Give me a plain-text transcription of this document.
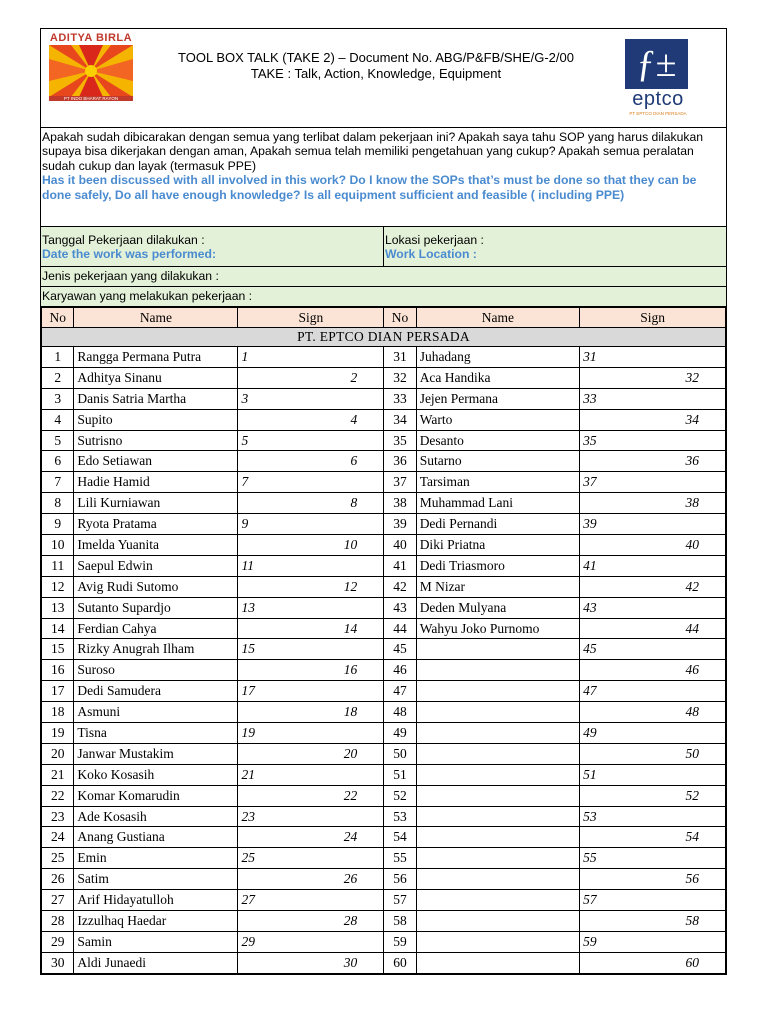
ADITYA BIRLA
PT INDO BHARAT RAYON
TOOL BOX TALK (TAKE 2) – Document No. ABG/P&FB/SHE/G-2/00
TAKE : Talk, Action, Knowledge, Equipment	ƒ±
eptco
PT EPTCO DIAN PERSADA
Apakah sudah dibicarakan dengan semua yang terlibat dalam pekerjaan ini? Apakah saya tahu SOP yang harus dilakukan supaya bisa dikerjakan dengan aman, Apakah semua telah memiliki pengetahuan yang cukup? Apakah semua peralatan sudah cukup dan layak (termasuk PPE)
Has it been discussed with all involved in this work? Do I know the SOPs that’s must be done so that they can be done safely, Do all have enough knowledge? Is all equipment sufficient and feasible ( including PPE)
Tanggal Pekerjaan dilakukan :
Date the work was performed:
Lokasi pekerjaan :
Work Location :
Jenis pekerjaan yang dilakukan :
Karyawan yang melakukan pekerjaan :
No	Name	Sign	No	Name	Sign
PT. EPTCO DIAN PERSADA					
1	Rangga Permana Putra	1	31	Juhadang	31
2	Adhitya Sinanu	2	32	Aca Handika	32
3	Danis Satria Martha	3	33	Jejen Permana	33
4	Supito	4	34	Warto	34
5	Sutrisno	5	35	Desanto	35
6	Edo Setiawan	6	36	Sutarno	36
7	Hadie Hamid	7	37	Tarsiman	37
8	Lili Kurniawan	8	38	Muhammad Lani	38
9	Ryota Pratama	9	39	Dedi Pernandi	39
10	Imelda Yuanita	10	40	Diki Priatna	40
11	Saepul Edwin	11	41	Dedi Triasmoro	41
12	Avig Rudi Sutomo	12	42	M Nizar	42
13	Sutanto Supardjo	13	43	Deden Mulyana	43
14	Ferdian Cahya	14	44	Wahyu Joko Purnomo	44
15	Rizky Anugrah Ilham	15	45		45
16	Suroso	16	46		46
17	Dedi Samudera	17	47		47
18	Asmuni	18	48		48
19	Tisna	19	49		49
20	Janwar Mustakim	20	50		50
21	Koko Kosasih	21	51		51
22	Komar Komarudin	22	52		52
23	Ade Kosasih	23	53		53
24	Anang Gustiana	24	54		54
25	Emin	25	55		55
26	Satim	26	56		56
27	Arif Hidayatulloh	27	57		57
28	Izzulhaq Haedar	28	58		58
29	Samin	29	59		59
30	Aldi Junaedi	30	60		60
